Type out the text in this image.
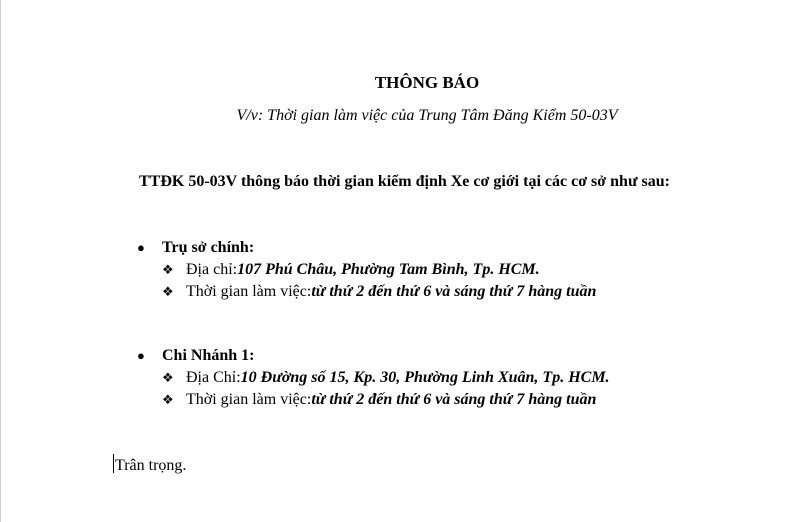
THÔNG BÁO
V/v: Thời gian làm việc của Trung Tâm Đăng Kiểm 50-03V
TTĐK 50-03V thông báo thời gian kiểm định Xe cơ giới tại các cơ sở như sau:
●	Trụ sở chính:
❖ Địa chỉ: 107 Phú Châu, Phường Tam Bình, Tp. HCM.
❖ Thời gian làm việc: từ thứ 2 đến thứ 6 và sáng thứ 7 hàng tuần
●	Chi Nhánh 1:
❖ Địa Chỉ: 10 Đường số 15, Kp. 30, Phường Linh Xuân, Tp. HCM.
❖ Thời gian làm việc: từ thứ 2 đến thứ 6 và sáng thứ 7 hàng tuần
Trân trọng.
